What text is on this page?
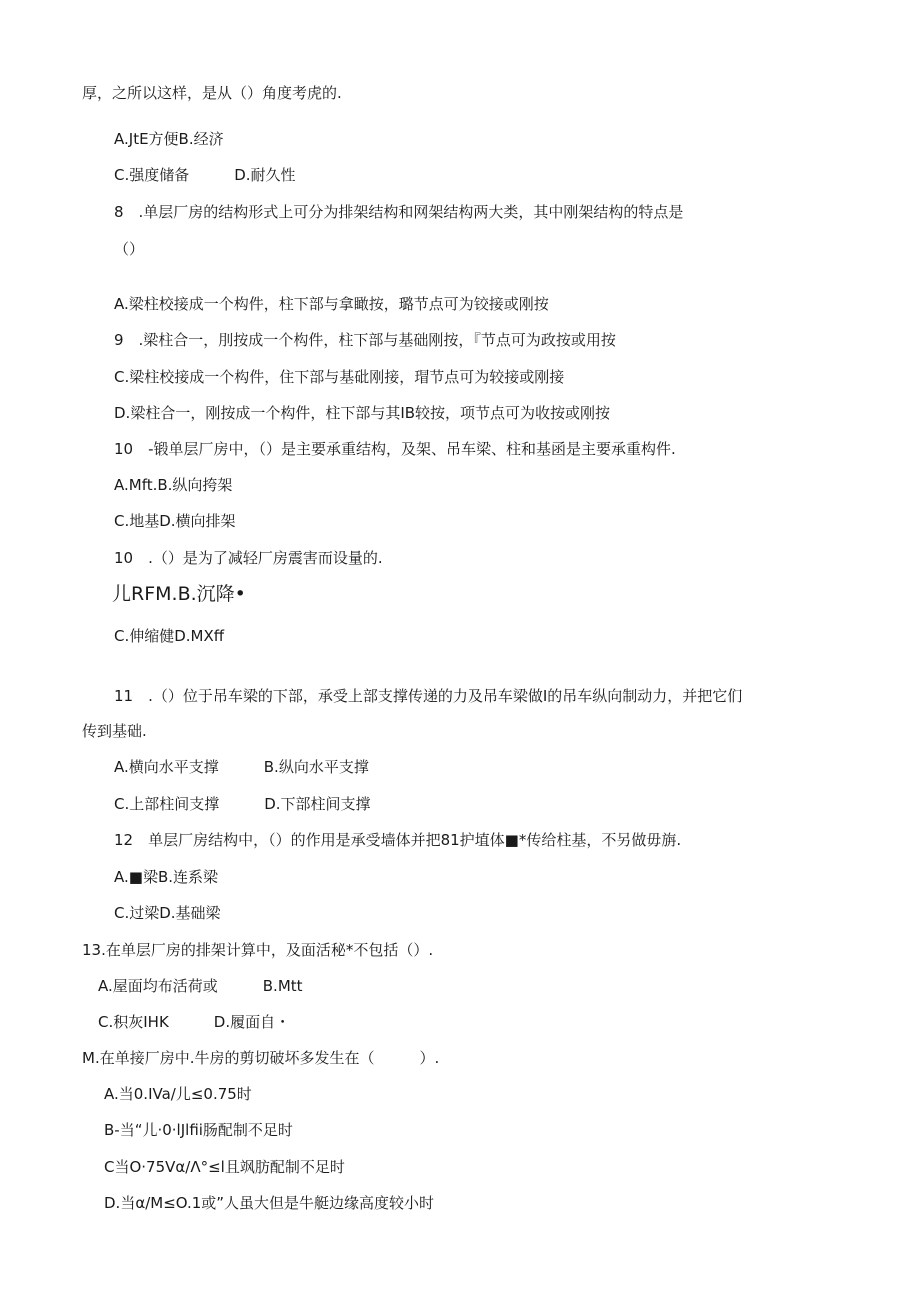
厚，之所以这样，是从（）角度考虎的.
A.JtE方便B.经济
C.强度储备　　　D.耐久性
8　.单层厂房的结构形式上可分为排架结构和网架结构两大类，其中刚架结构的特点是
（）
A.梁柱校接成一个构件，柱下部与拿瞰按，璐节点可为铰接或刚按
9　.梁柱合一，刖按成一个构件，柱下部与基础刚按，『节点可为政按或用按
C.梁柱校接成一个构件，住下部与基砒刚接，瑁节点可为较接或刚接
D.梁柱合一，刚按成一个构件，柱下部与其IB较按，项节点可为收按或刚按
10　-锻单层厂房中，（）是主要承重结构，及架、吊车梁、柱和基函是主要承重构件.
A.Mft.B.纵向挎架
C.地基D.横向排架
10　.（）是为了减轻厂房震害而设量的.
儿RFM.B.沉降•
C.伸缩健D.MXff
11　.（）位于吊车梁的下部，承受上部支撑传递的力及吊车梁做I的吊车纵向制动力，并把它们
传到基础.
A.横向水平支撑　　　B.纵向水平支撑
C.上部柱间支撑　　　D.下部柱间支撑
12　单层厂房结构中，（）的作用是承受墙体并把81护埴体■*传给柱基，不另做毋旃.
A.■梁B.连系梁
C.过梁D.基础梁
13.在单层厂房的排架计算中，及面活秘*不包括（）.
A.屋面均布活荷或　　　B.Mtt
C.积灰IHK　　　D.履面自・
M.在单接厂房中.牛房的剪切破坏多发生在（　　　）.
A.当0.IVa/儿≤0.75时
B-当“儿·0·lJlfii肠配制不足时
C当O·75Vα/Λ°≤l且飒肪配制不足时
D.当α/M≤O.1或”人虽大但是牛艇边缘高度较小时
